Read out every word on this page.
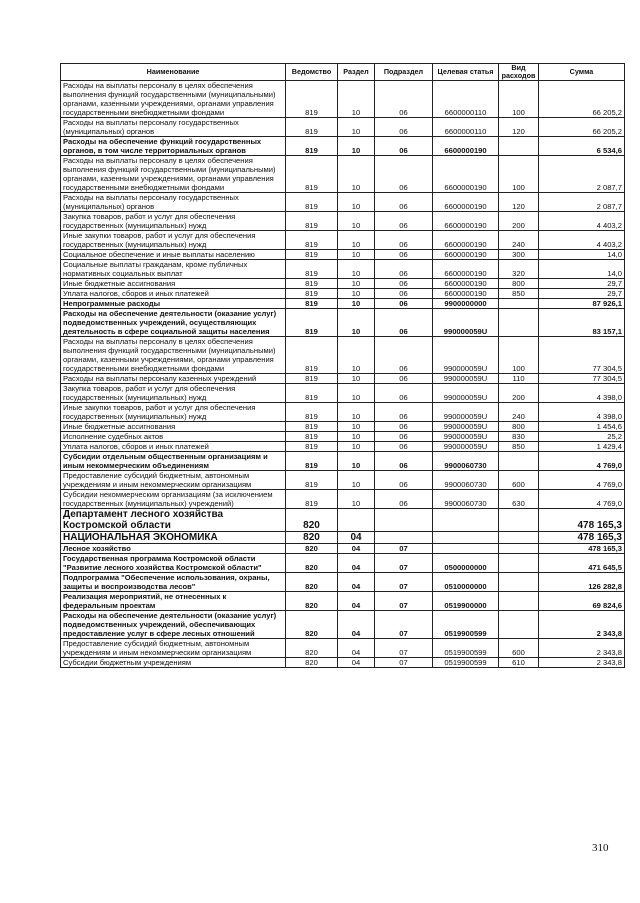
Наименование	Ведомство	Раздел	Подраздел	Целевая статья	Вид расходов	Сумма
Расходы на выплаты персоналу в целях обеспечения выполнения функций государственными (муниципальными) органами, казенными учреждениями, органами управления государственными внебюджетными фондами	819	10	06	6600000110	100	66 205,2
Расходы на выплаты персоналу государственных (муниципальных) органов	819	10	06	6600000110	120	66 205,2
Расходы на обеспечение функций государственных органов, в том числе территориальных органов	819	10	06	6600000190		6 534,6
Расходы на выплаты персоналу в целях обеспечения выполнения функций государственными (муниципальными) органами, казенными учреждениями, органами управления государственными внебюджетными фондами	819	10	06	6600000190	100	2 087,7
Расходы на выплаты персоналу государственных (муниципальных) органов	819	10	06	6600000190	120	2 087,7
Закупка товаров, работ и услуг для обеспечения государственных (муниципальных) нужд	819	10	06	6600000190	200	4 403,2
Иные закупки товаров, работ и услуг для обеспечения государственных (муниципальных) нужд	819	10	06	6600000190	240	4 403,2
Социальное обеспечение и иные выплаты населению	819	10	06	6600000190	300	14,0
Социальные выплаты гражданам, кроме публичных нормативных социальных выплат	819	10	06	6600000190	320	14,0
Иные бюджетные ассигнования	819	10	06	6600000190	800	29,7
Уплата налогов, сборов и иных платежей	819	10	06	6600000190	850	29,7
Непрограммные расходы	819	10	06	9900000000		87 926,1
Расходы на обеспечение деятельности (оказание услуг) подведомственных учреждений, осуществляющих деятельность в сфере социальной защиты населения	819	10	06	990000059U		83 157,1
Расходы на выплаты персоналу в целях обеспечения выполнения функций государственными (муниципальными) органами, казенными учреждениями, органами управления государственными внебюджетными фондами	819	10	06	990000059U	100	77 304,5
Расходы на выплаты персоналу казенных учреждений	819	10	06	990000059U	110	77 304,5
Закупка товаров, работ и услуг для обеспечения государственных (муниципальных) нужд	819	10	06	990000059U	200	4 398,0
Иные закупки товаров, работ и услуг для обеспечения государственных (муниципальных) нужд	819	10	06	990000059U	240	4 398,0
Иные бюджетные ассигнования	819	10	06	990000059U	800	1 454,6
Исполнение судебных актов	819	10	06	990000059U	830	25,2
Уплата налогов, сборов и иных платежей	819	10	06	990000059U	850	1 429,4
Субсидии отдельным общественным организациям и иным некоммерческим объединениям	819	10	06	9900060730		4 769,0
Предоставление субсидий бюджетным, автономным учреждениям и иным некоммерческим организациям	819	10	06	9900060730	600	4 769,0
Субсидии некоммерческим организациям (за исключением государственных (муниципальных) учреждений)	819	10	06	9900060730	630	4 769,0
Департамент лесного хозяйства Костромской области	820					478 165,3
НАЦИОНАЛЬНАЯ ЭКОНОМИКА	820	04				478 165,3
Лесное хозяйство	820	04	07			478 165,3
Государственная программа Костромской области "Развитие лесного хозяйства Костромской области"	820	04	07	0500000000		471 645,5
Подпрограмма "Обеспечение использования, охраны, защиты и воспроизводства лесов"	820	04	07	0510000000		126 282,8
Реализация мероприятий, не отнесенных к федеральным проектам	820	04	07	0519900000		69 824,6
Расходы на обеспечение деятельности (оказание услуг) подведомственных учреждений, обеспечивающих предоставление услуг в сфере лесных отношений	820	04	07	0519900599		2 343,8
Предоставление субсидий бюджетным, автономным учреждениям и иным некоммерческим организациям	820	04	07	0519900599	600	2 343,8
Субсидии бюджетным учреждениям	820	04	07	0519900599	610	2 343,8
310
